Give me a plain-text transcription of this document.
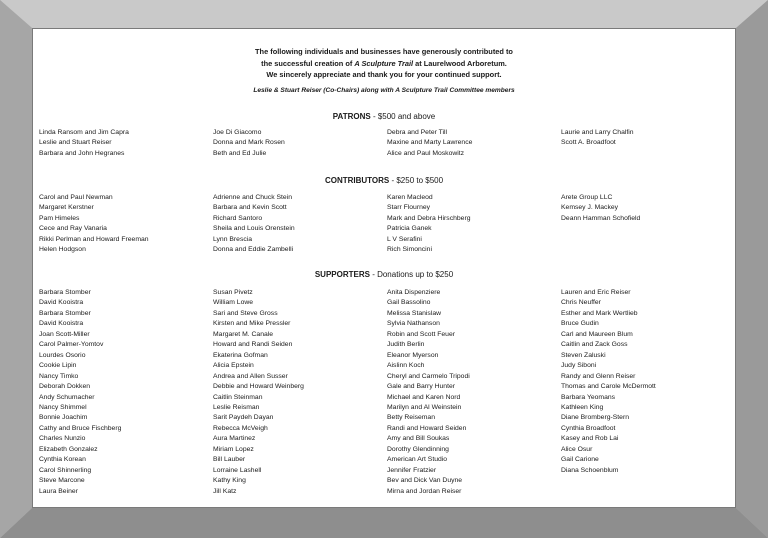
The following individuals and businesses have generously contributed to
the successful creation of A Sculpture Trail at Laurelwood Arboretum.
We sincerely appreciate and thank you for your continued support.
Leslie & Stuart Reiser (Co-Chairs) along with A Sculpture Trail Committee members
PATRONS - $500 and above
Linda Ransom and Jim Capra
Leslie and Stuart Reiser
Barbara and John Hegranes
Joe Di Giacomo
Donna and Mark Rosen
Beth and Ed Julie
Debra and Peter Till
Maxine and Marty Lawrence
Alice and Paul Moskowitz
Laurie and Larry Chalfin
Scott A. Broadfoot
CONTRIBUTORS - $250 to $500
Carol and Paul Newman
Margaret Kerstner
Pam Himeles
Cece and Ray Vanaria
Rikki Perlman and Howard Freeman
Helen Hodgson
Adrienne and Chuck Stein
Barbara and Kevin Scott
Richard Santoro
Sheila and Louis Orenstein
Lynn Brescia
Donna and Eddie Zambelli
Karen Macleod
Starr Flourney
Mark and Debra Hirschberg
Patricia Ganek
L V Serafini
Rich Simoncini
Arete Group LLC
Kemsey J. Mackey
Deann Hamman Schofield
SUPPORTERS - Donations up to $250
Barbara Stomber
David Kooistra
Barbara Stomber
David Kooistra
Joan Scott-Miller
Carol Palmer-Yomtov
Lourdes Osorio
Cookie Lipin
Nancy Timko
Deborah Dokken
Andy Schumacher
Nancy Shimmel
Bonnie Joachim
Cathy and Bruce Fischberg
Charles Nunzio
Elizabeth Gonzalez
Cynthia Korean
Carol Shinnerling
Steve Marcone
Laura Beiner
Susan Pivetz
William Lowe
Sari and Steve Gross
Kirsten and Mike Pressler
Margaret M. Canale
Howard and Randi Seiden
Ekaterina Gofman
Alicia Epstein
Andrea and Allen Susser
Debbie and Howard Weinberg
Caitlin Steinman
Leslie Reisman
Sarit Paydeh Dayan
Rebecca McVeigh
Aura Martinez
Miriam Lopez
Bill Lauber
Lorraine Lashell
Kathy King
Jill Katz
Anita Dispenziere
Gail Bassolino
Melissa Stanislaw
Sylvia Nathanson
Robin and Scott Feuer
Judith Berlin
Eleanor Myerson
Aislinn Koch
Cheryl and Carmelo Tripodi
Gale and Barry Hunter
Michael and Karen Nord
Marilyn and Al Weinstein
Betty Reiseman
Randi and Howard Seiden
Amy and Bill Soukas
Dorothy Glendinning
American Art Studio
Jennifer Fratzier
Bev and Dick Van Duyne
Mirna and Jordan Reiser
Lauren and Eric Reiser
Chris Neuffer
Esther and Mark Wertlieb
Bruce Gudin
Carl and Maureen Blum
Caitlin and Zack Goss
Steven Zaluski
Judy Siboni
Randy and Glenn Reiser
Thomas and Carole McDermott
Barbara Yeomans
Kathleen King
Diane Bromberg-Stern
Cynthia Broadfoot
Kasey and Rob Lai
Alice Osur
Gail Carione
Diana Schoenblum
